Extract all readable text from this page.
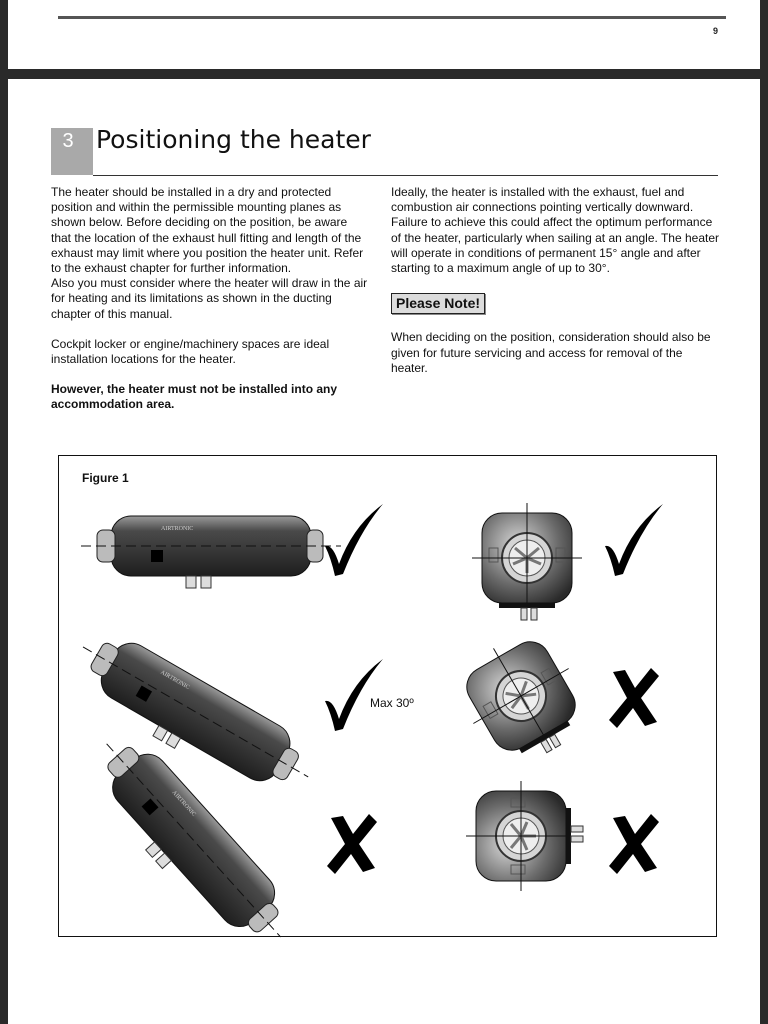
9
3 Positioning the heater

The heater should be installed in a dry and protected position and within the permissible mounting planes as shown below. Before deciding on the position, be aware that the location of the exhaust hull fitting and length of the exhaust may limit where you position the heater unit. Refer to the exhaust chapter for further information.

Also you must consider where the heater will draw in the air for heating and its limitations as shown in the ducting chapter of this manual.

Cockpit locker or engine/machinery spaces are ideal installation locations for the heater.

However, the heater must not be installed into any accommodation area.

Ideally, the heater is installed with the exhaust, fuel and combustion air connections pointing vertically downward. Failure to achieve this could affect the optimum performance of the heater, particularly when sailing at an angle. The heater will operate in conditions of permanent 15° angle and after starting to a maximum angle of up to 30°.

Please Note!

When deciding on the position, consideration should also be given for future servicing and access for removal of the heater.

AIRTRONIC
Figure 1
Max 30º
